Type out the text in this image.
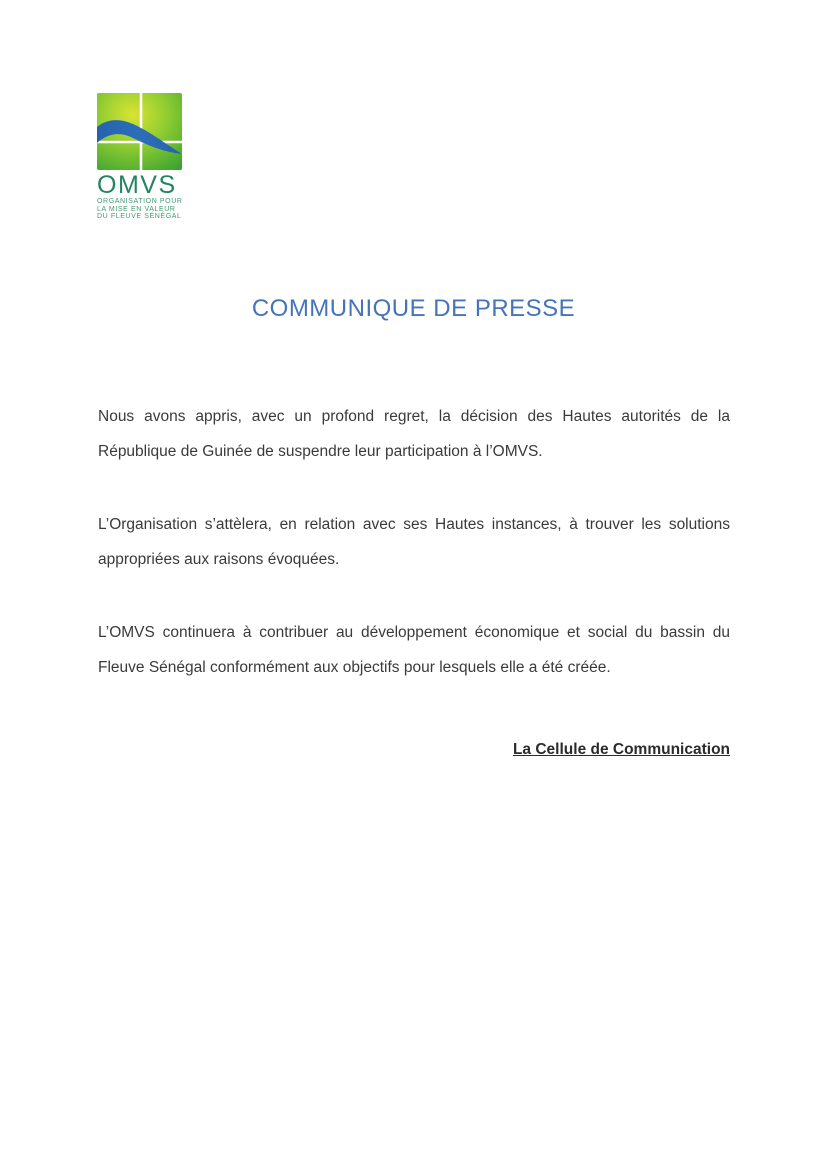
OMVS
ORGANISATION POUR
LA MISE EN VALEUR
DU FLEUVE SÉNÉGAL
COMMUNIQUE DE PRESSE

Nous avons appris, avec un profond regret, la décision des Hautes autorités de la République de Guinée de suspendre leur participation à l’OMVS.

L’Organisation s’attèlera, en relation avec ses Hautes instances, à trouver les solutions appropriées aux raisons évoquées.

L’OMVS continuera à contribuer au développement économique et social du bassin du Fleuve Sénégal conformément aux objectifs pour lesquels elle a été créée.

La Cellule de Communication
